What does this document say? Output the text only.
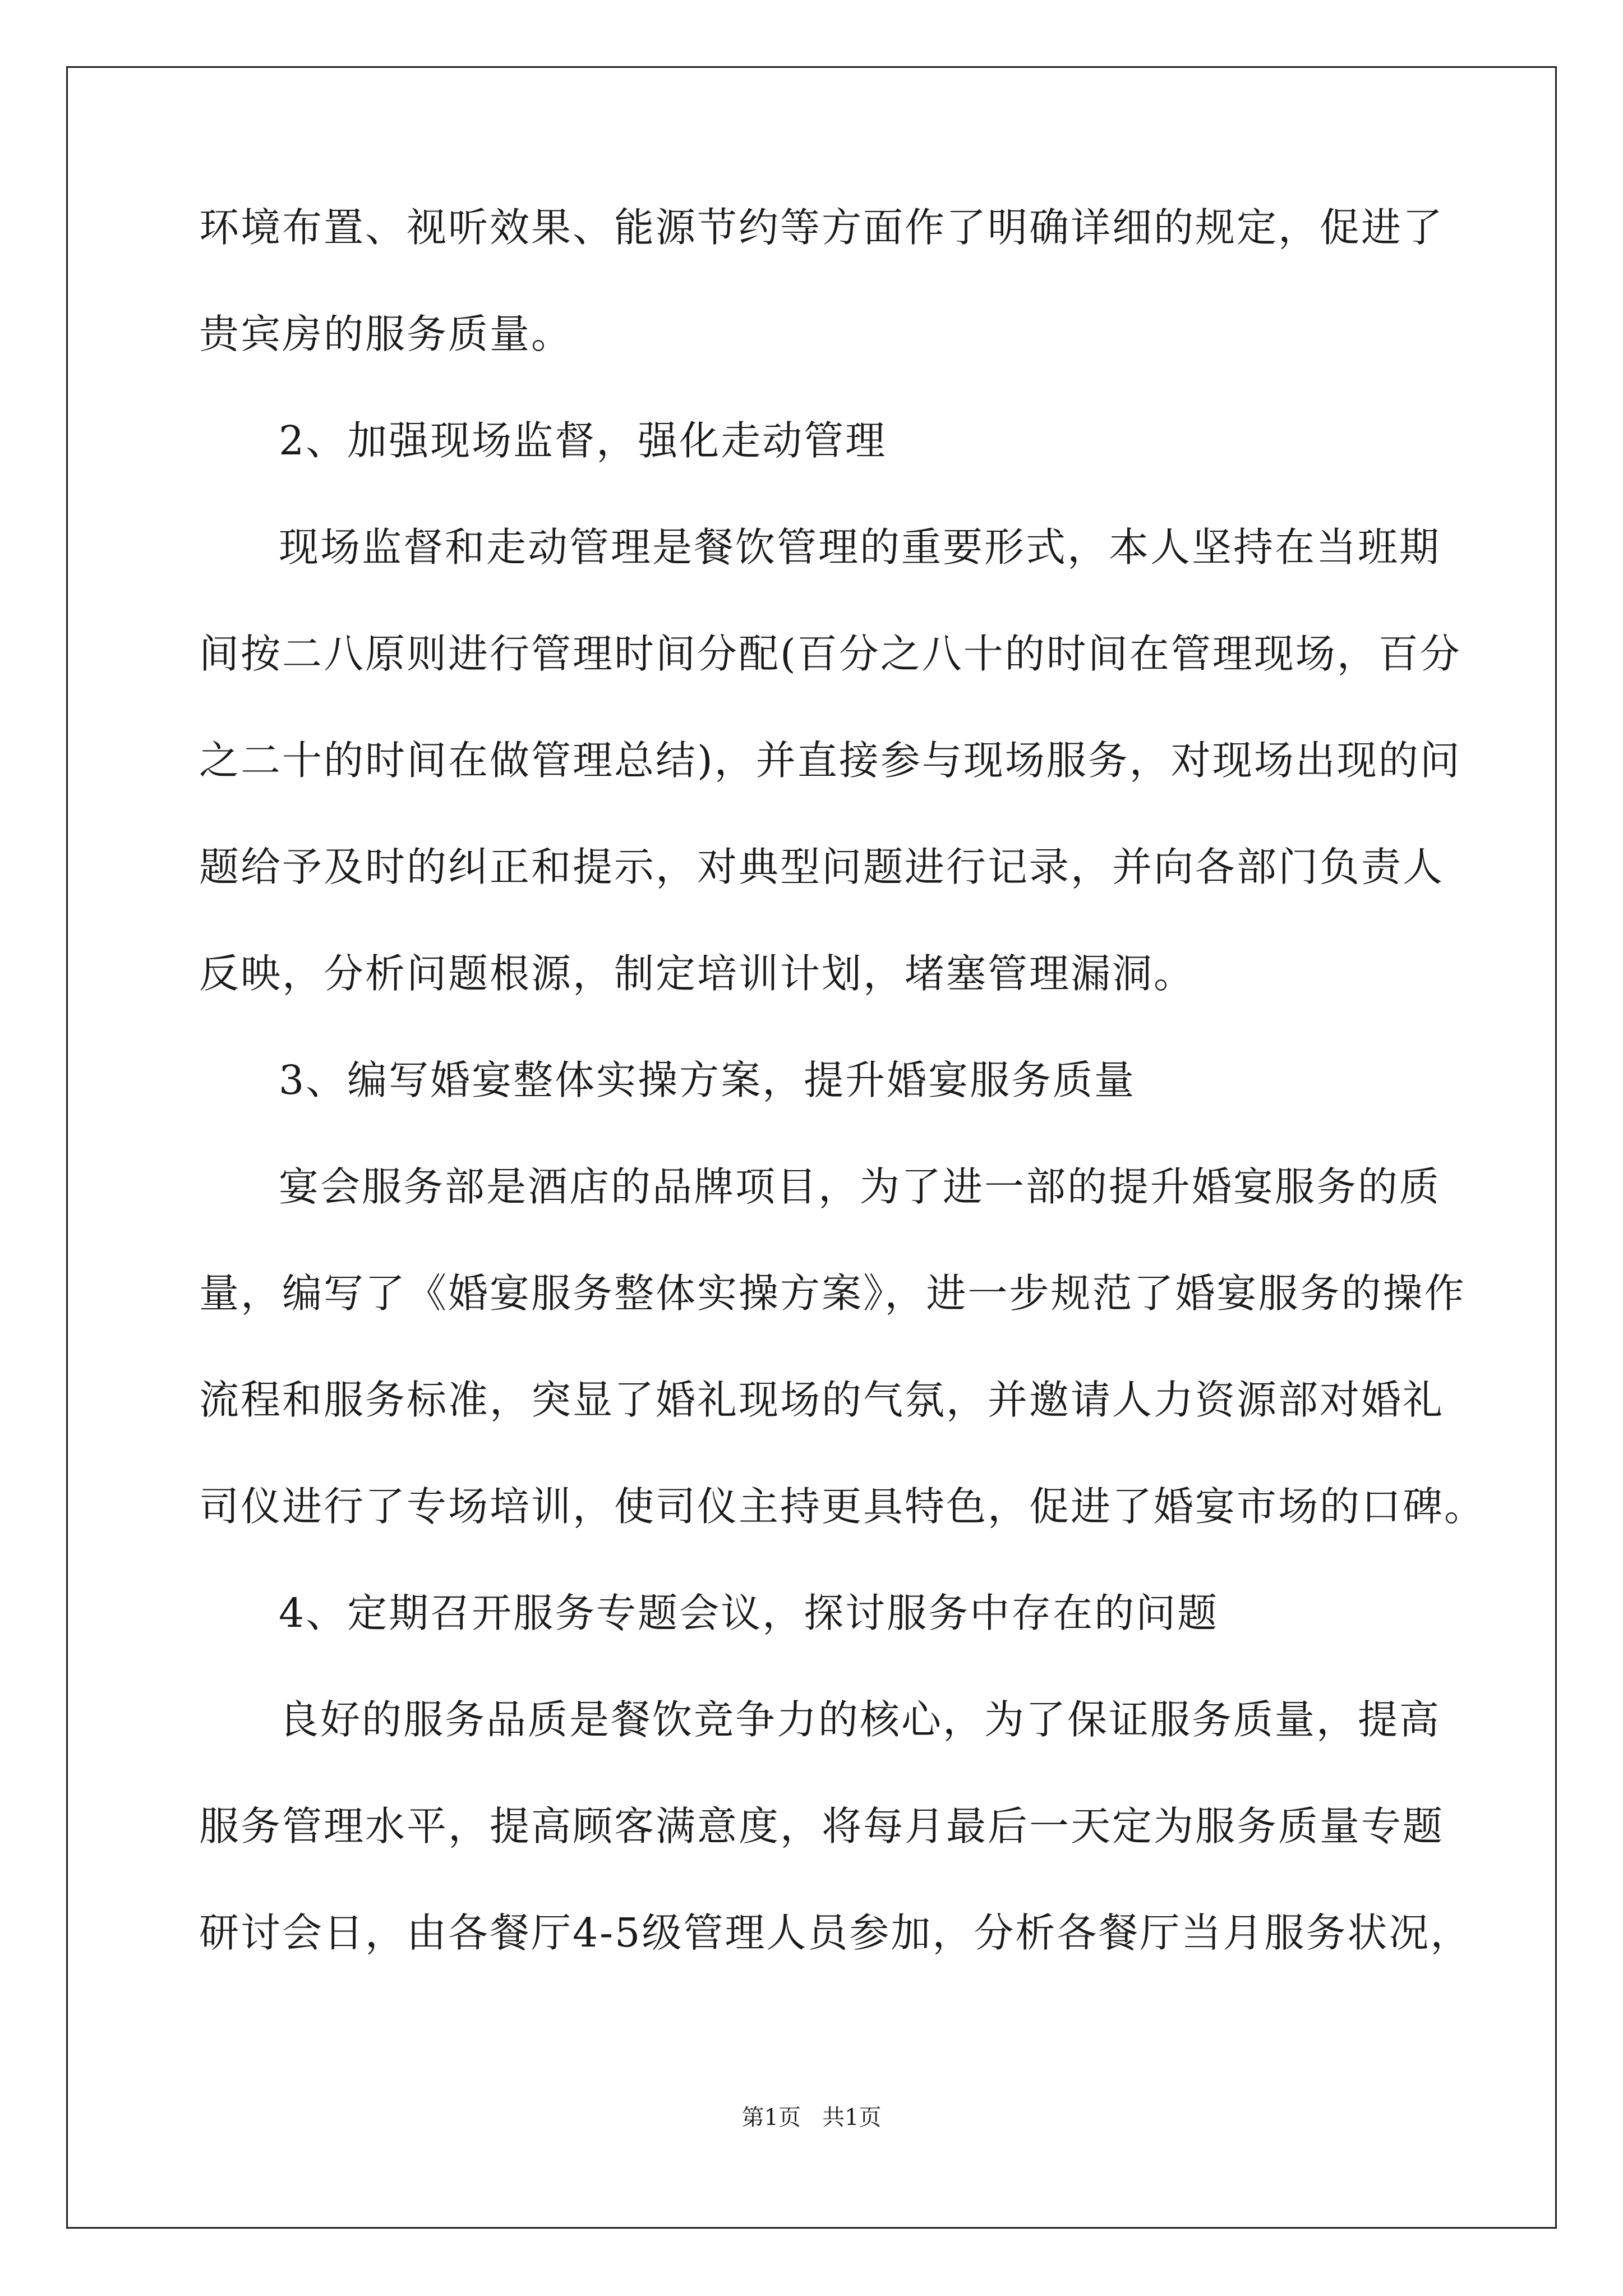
环境布置、视听效果、能源节约等方面作了明确详细的规定，促进了
贵宾房的服务质量。
2、加强现场监督，强化走动管理
现场监督和走动管理是餐饮管理的重要形式，本人坚持在当班期
间按二八原则进行管理时间分配(百分之八十的时间在管理现场，百分
之二十的时间在做管理总结)，并直接参与现场服务，对现场出现的问
题给予及时的纠正和提示，对典型问题进行记录，并向各部门负责人
反映，分析问题根源，制定培训计划，堵塞管理漏洞。
3、编写婚宴整体实操方案，提升婚宴服务质量
宴会服务部是酒店的品牌项目，为了进一部的提升婚宴服务的质
量，编写了《婚宴服务整体实操方案》，进一步规范了婚宴服务的操作
流程和服务标准，突显了婚礼现场的气氛，并邀请人力资源部对婚礼
司仪进行了专场培训，使司仪主持更具特色，促进了婚宴市场的口碑。
4、定期召开服务专题会议，探讨服务中存在的问题
良好的服务品质是餐饮竞争力的核心，为了保证服务质量，提高
服务管理水平，提高顾客满意度，将每月最后一天定为服务质量专题
研讨会日，由各餐厅4-5级管理人员参加，分析各餐厅当月服务状况，
第1页   共1页
